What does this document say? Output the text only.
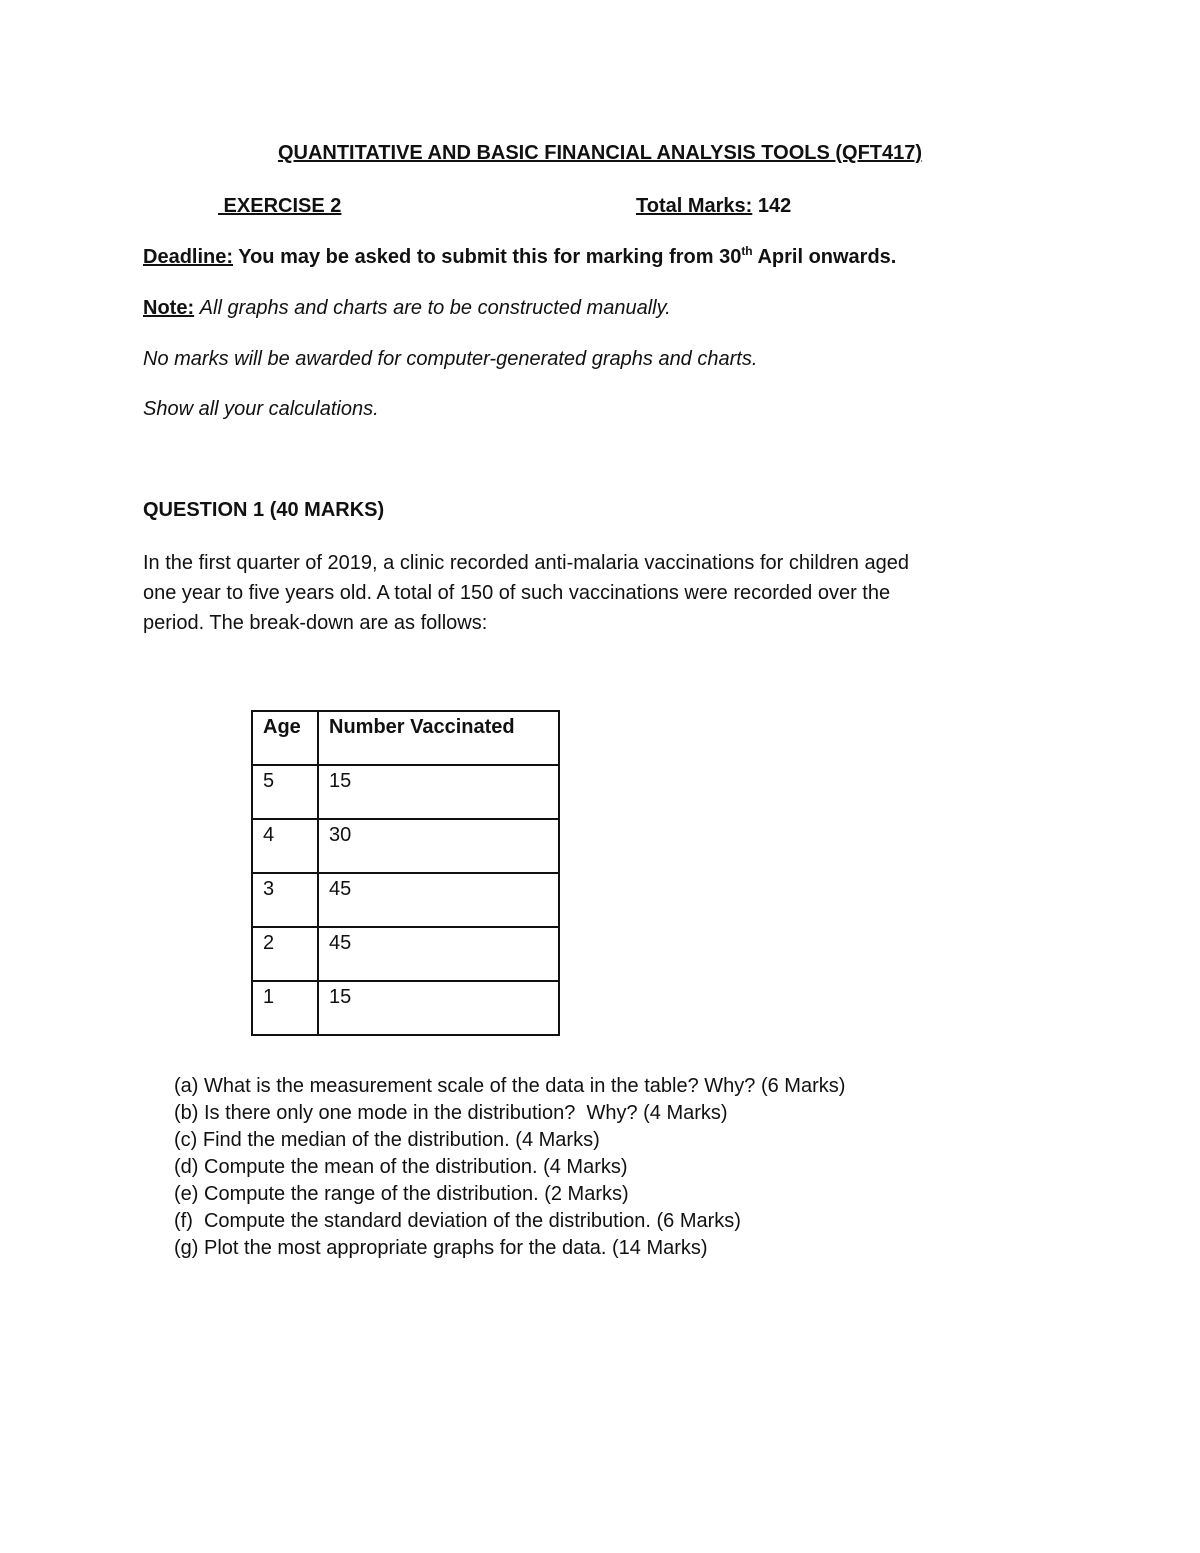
QUANTITATIVE AND BASIC FINANCIAL ANALYSIS TOOLS (QFT417)
EXERCISE 2	Total Marks: 142
Deadline: You may be asked to submit this for marking from 30th April onwards.
Note: All graphs and charts are to be constructed manually.
No marks will be awarded for computer-generated graphs and charts.
Show all your calculations.
QUESTION 1 (40 MARKS)
In the first quarter of 2019, a clinic recorded anti-malaria vaccinations for children aged
one year to five years old. A total of 150 of such vaccinations were recorded over the
period. The break-down are as follows:
Age	Number Vaccinated
5	15
4	30
3	45
2	45
1	15
(a) What is the measurement scale of the data in the table? Why? (6 Marks)
(b) Is there only one mode in the distribution?  Why? (4 Marks)
(c) Find the median of the distribution. (4 Marks)
(d) Compute the mean of the distribution. (4 Marks)
(e) Compute the range of the distribution. (2 Marks)
(f)  Compute the standard deviation of the distribution. (6 Marks)
(g) Plot the most appropriate graphs for the data. (14 Marks)
